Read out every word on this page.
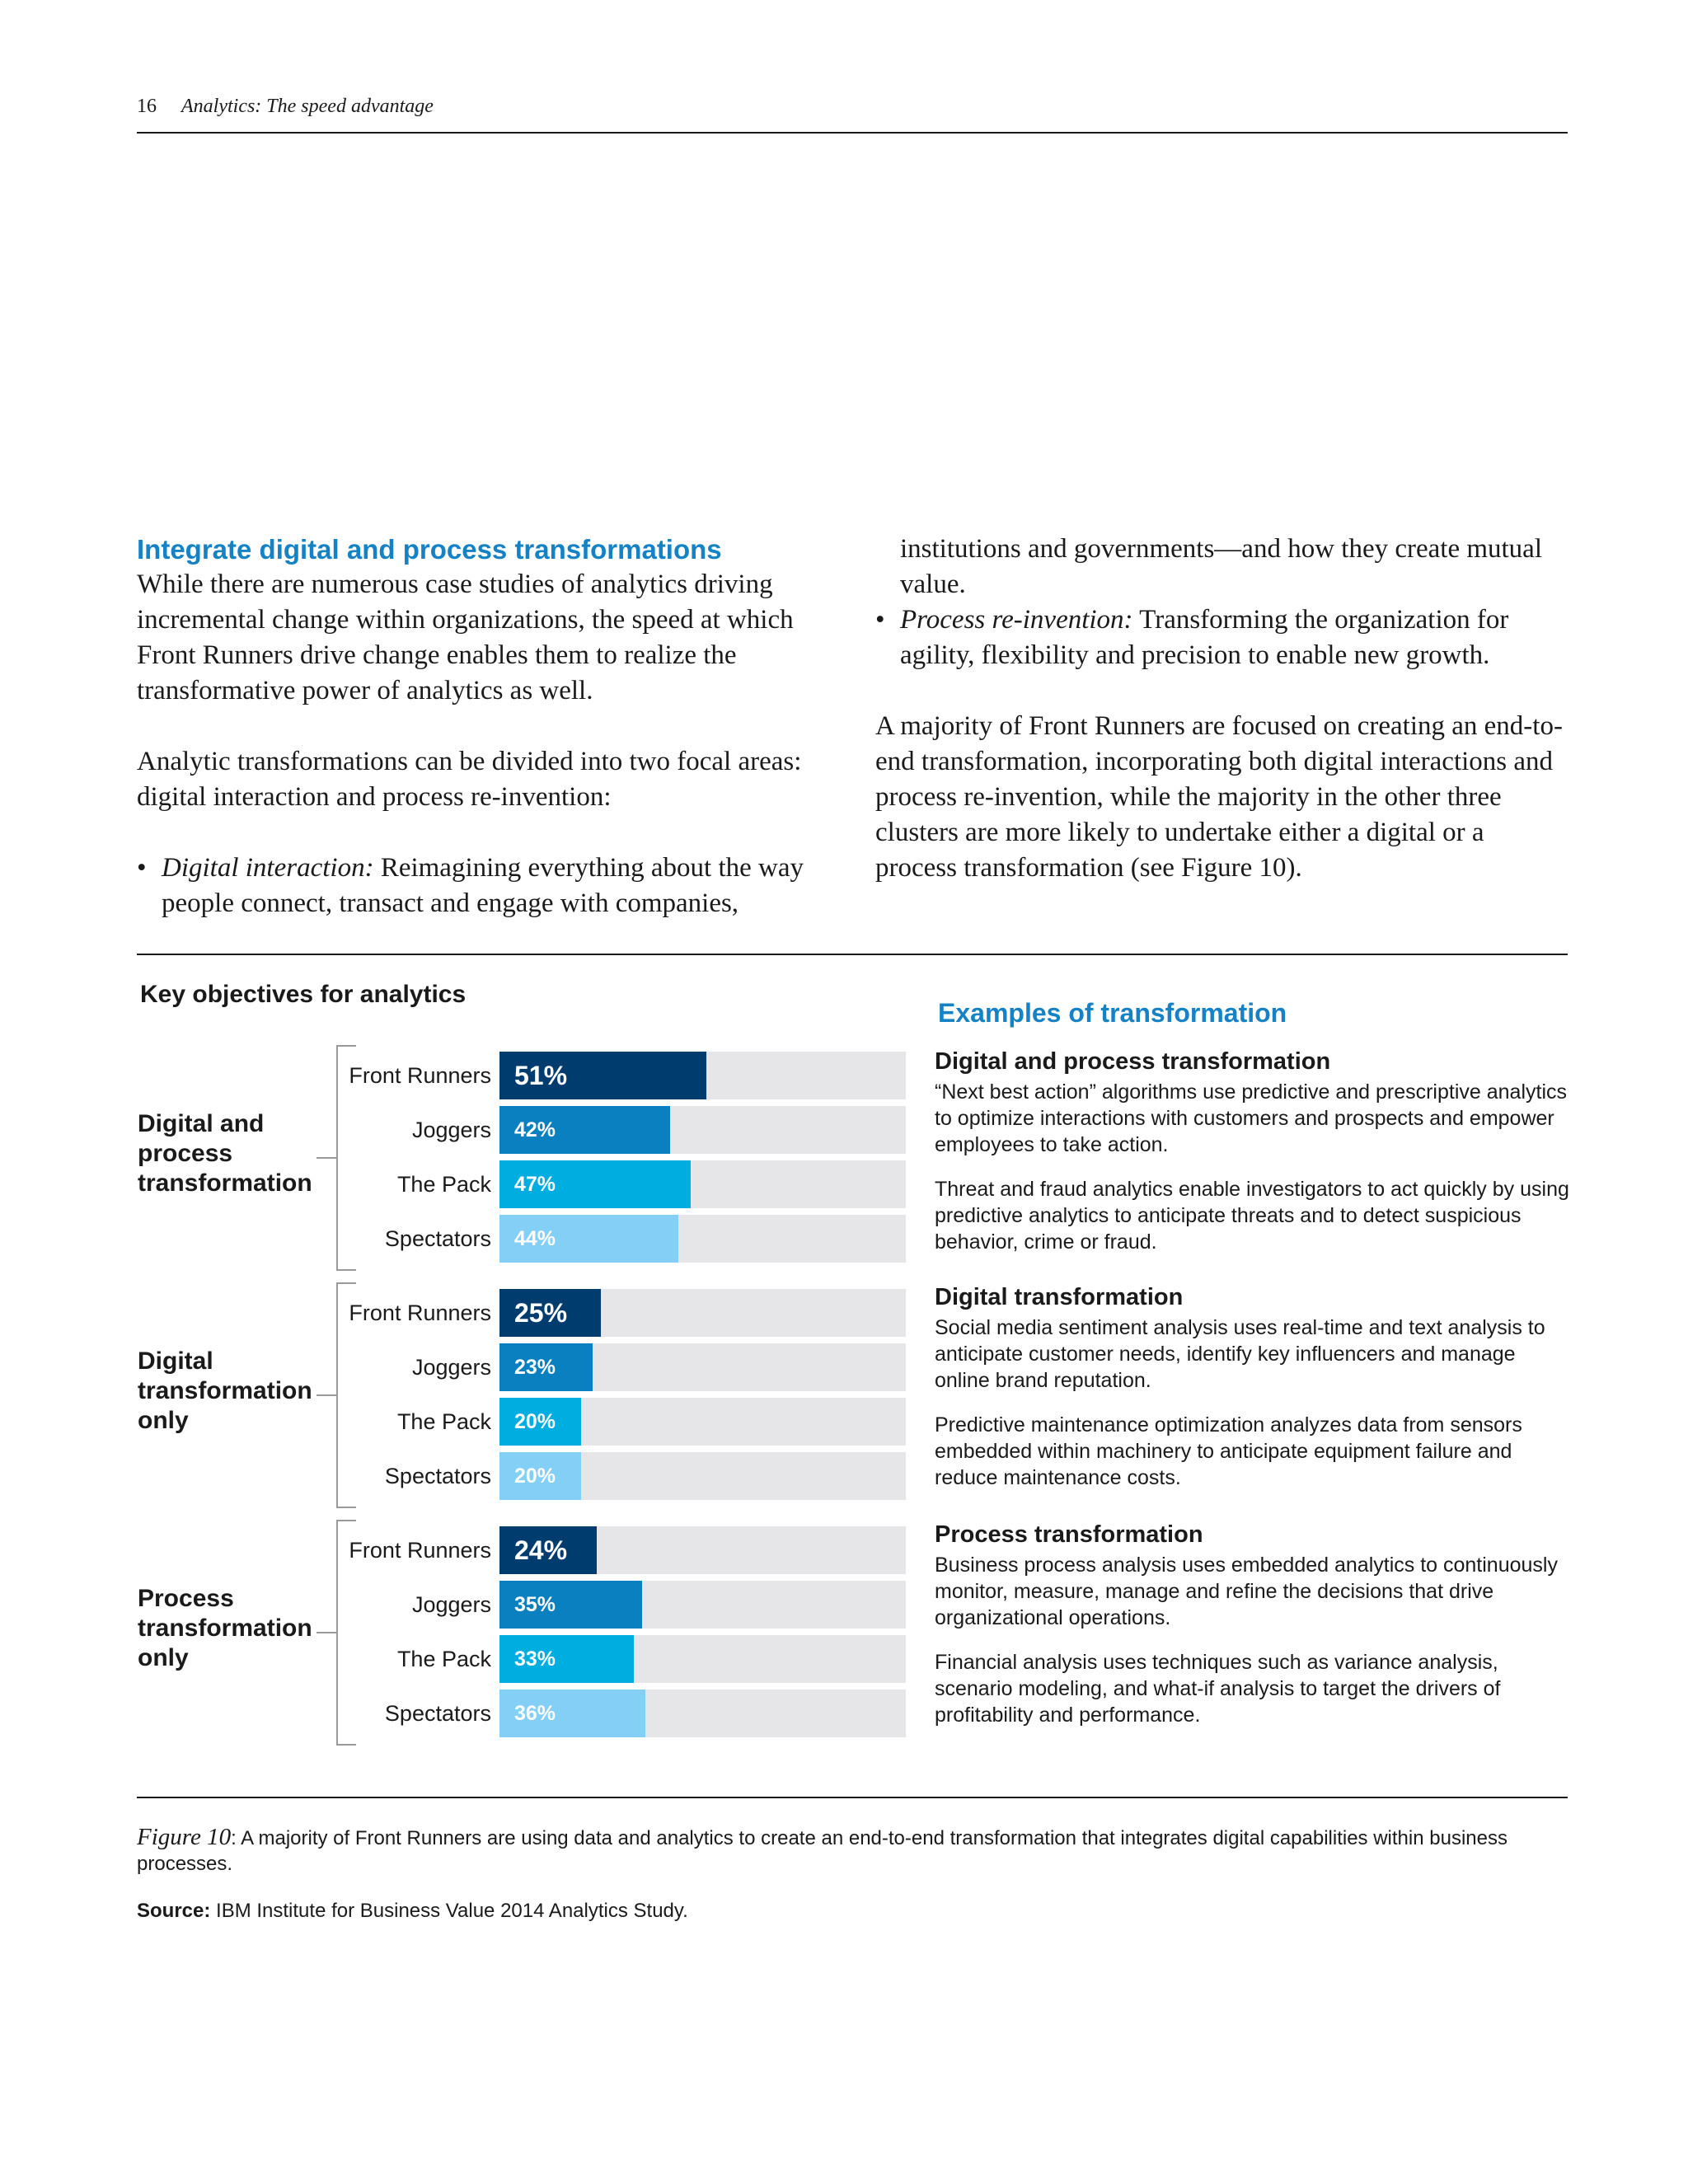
16 Analytics: The speed advantage
Integrate digital and process transformations

While there are numerous case studies of analytics driving incremental change within organizations, the speed at which Front Runners drive change enables them to realize the transformative power of analytics as well.

Analytic transformations can be divided into two focal areas: digital interaction and process re-invention:

• Digital interaction: Reimagining everything about the way people connect, transact and engage with companies,

institutions and governments—and how they create mutual value.

• Process re-invention: Transforming the organization for agility, flexibility and precision to enable new growth.

A majority of Front Runners are focused on creating an end-to-end transformation, incorporating both digital interactions and process re-invention, while the majority in the other three clusters are more likely to undertake either a digital or a process transformation (see Figure 10).

Key objectives for analytics
Digital and
process
transformation
Front Runners 51%
Joggers 42%
The Pack 47%
Spectators 44%
Digital
transformation
only
Front Runners 25%
Joggers 23%
The Pack 20%
Spectators 20%
Process
transformation
only
Front Runners 24%
Joggers 35%
The Pack 33%
Spectators 36%
Examples of transformation
Digital and process transformation

“Next best action” algorithms use predictive and prescriptive analytics to optimize interactions with customers and prospects and empower employees to take action.

Threat and fraud analytics enable investigators to act quickly by using predictive analytics to anticipate threats and to detect suspicious behavior, crime or fraud.

Digital transformation

Social media sentiment analysis uses real-time and text analysis to anticipate customer needs, identify key influencers and manage online brand reputation.

Predictive maintenance optimization analyzes data from sensors embedded within machinery to anticipate equipment failure and reduce maintenance costs.

Process transformation

Business process analysis uses embedded analytics to continuously monitor, measure, manage and refine the decisions that drive organizational operations.

Financial analysis uses techniques such as variance analysis, scenario modeling, and what-if analysis to target the drivers of profitability and performance.

Figure 10: A majority of Front Runners are using data and analytics to create an end-to-end transformation that integrates digital capabilities within business processes.
Source: IBM Institute for Business Value 2014 Analytics Study.
